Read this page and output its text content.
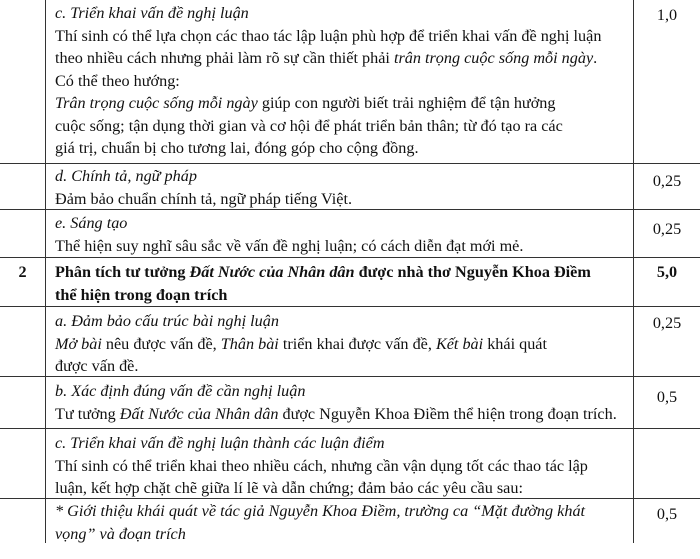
c. Triển khai vấn đề nghị luận

Thí sinh có thể lựa chọn các thao tác lập luận phù hợp để triển khai vấn đề nghị luận

theo nhiều cách nhưng phải làm rõ sự cần thiết phải trân trọng cuộc sống mỗi ngày.

Có thể theo hướng:

Trân trọng cuộc sống mỗi ngày giúp con người biết trải nghiệm để tận hưởng

cuộc sống; tận dụng thời gian và cơ hội để phát triển bản thân; từ đó tạo ra các

giá trị, chuẩn bị cho tương lai, đóng góp cho cộng đồng.

1,0

d. Chính tả, ngữ pháp

Đảm bảo chuẩn chính tả, ngữ pháp tiếng Việt.

0,25

e. Sáng tạo

Thể hiện suy nghĩ sâu sắc về vấn đề nghị luận; có cách diễn đạt mới mẻ.

0,25
2	Phân tích tư tưởng Đất Nước của Nhân dân được nhà thơ Nguyễn Khoa Điềm

thể hiện trong đoạn trích

5,0

a. Đảm bảo cấu trúc bài nghị luận

Mở bài nêu được vấn đề, Thân bài triển khai được vấn đề, Kết bài khái quát

được vấn đề.

0,25

b. Xác định đúng vấn đề cần nghị luận

Tư tưởng Đất Nước của Nhân dân được Nguyễn Khoa Điềm thể hiện trong đoạn trích.

0,5

c. Triển khai vấn đề nghị luận thành các luận điểm

Thí sinh có thể triển khai theo nhiều cách, nhưng cần vận dụng tốt các thao tác lập

luận, kết hợp chặt chẽ giữa lí lẽ và dẫn chứng; đảm bảo các yêu cầu sau:

* Giới thiệu khái quát về tác giả Nguyễn Khoa Điềm, trường ca “Mặt đường khát

vọng” và đoạn trích

0,5
